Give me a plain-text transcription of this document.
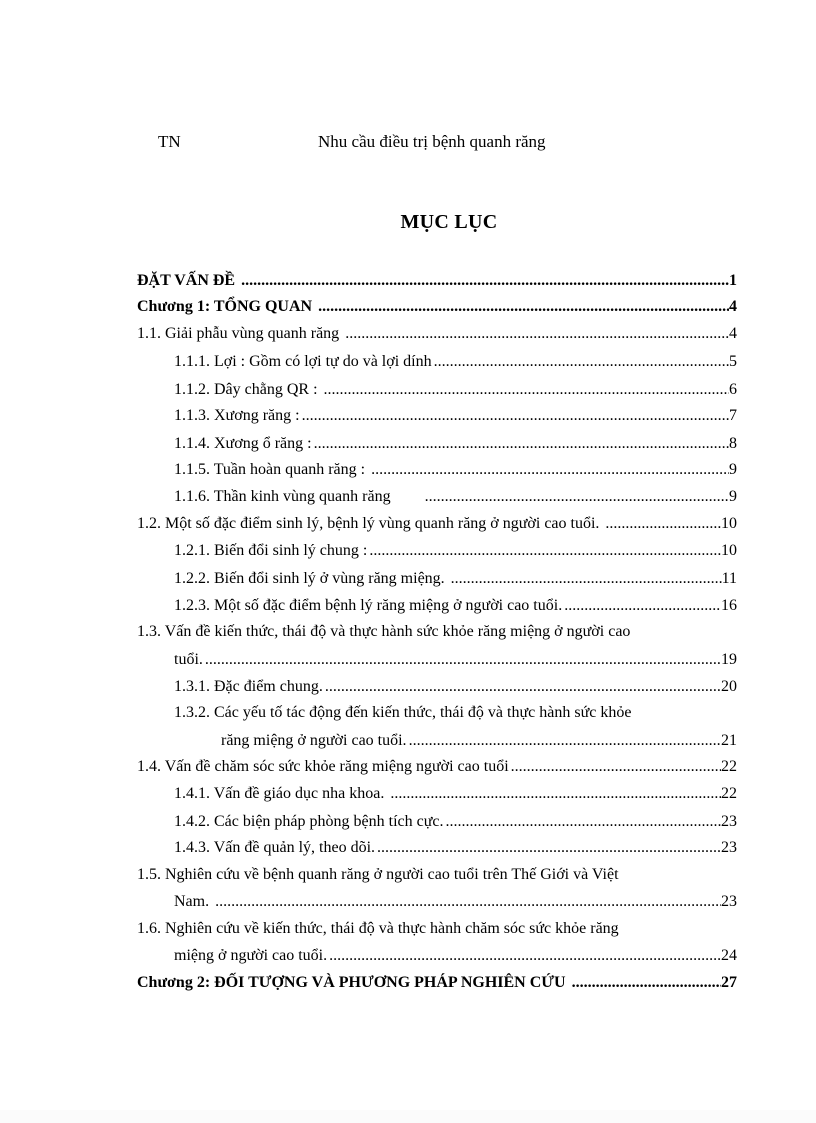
TN	Nhu cầu điều trị bệnh quanh răng
MỤC LỤC
ĐẶT VẤN ĐỀ .....	1
Chương 1: TỔNG QUAN .....	4
1.1. Giải phẫu vùng quanh răng .....	4
1.1.1. Lợi : Gồm có lợi tự do và lợi dính .....	5
1.1.2. Dây chằng QR : .....	6
1.1.3. Xương răng : .....	7
1.1.4. Xương ổ răng : .....	8
1.1.5. Tuần hoàn quanh răng : .....	9
1.1.6. Thần kinh vùng quanh răng .....	9
1.2. Một số đặc điểm sinh lý, bệnh lý vùng quanh răng ở người cao tuổi. .....	10
1.2.1. Biến đổi sinh lý chung : .....	10
1.2.2. Biến đổi sinh lý ở vùng răng miệng. .....	11
1.2.3. Một số đặc điểm bệnh lý răng miệng ở người cao tuổi. .....	16
1.3. Vấn đề kiến thức, thái độ và thực hành sức khỏe răng miệng ở người cao
tuổi. .....	19
1.3.1. Đặc điểm chung. .....	20
1.3.2. Các yếu tố tác động đến kiến thức, thái độ và thực hành sức khỏe
răng miệng ở người cao tuổi. .....	21
1.4. Vấn đề chăm sóc sức khỏe răng miệng người cao tuổi .....	22
1.4.1. Vấn đề giáo dục nha khoa. .....	22
1.4.2. Các biện pháp phòng bệnh tích cực. .....	23
1.4.3. Vấn đề quản lý, theo dõi. .....	23
1.5. Nghiên cứu về bệnh quanh răng ở người cao tuổi trên Thế Giới và Việt
Nam. .....	23
1.6. Nghiên cứu về kiến thức, thái độ và thực hành chăm sóc sức khỏe răng
miệng ở người cao tuổi. .....	24
Chương 2: ĐỐI TƯỢNG VÀ PHƯƠNG PHÁP NGHIÊN CỨU .....	27
